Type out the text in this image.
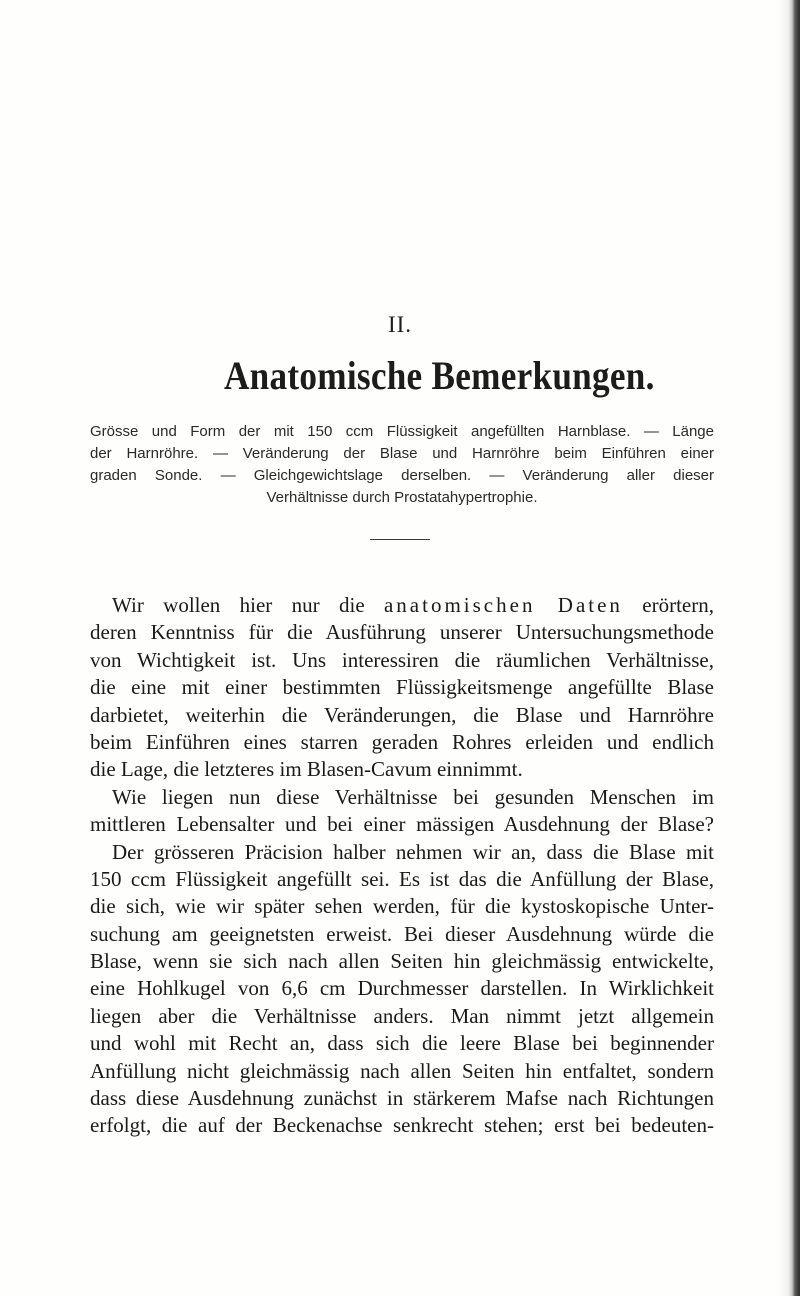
II.
Anatomische Bemerkungen.
Grösse und Form der mit 150 ccm Flüssigkeit angefüllten Harnblase. — Länge
der Harnröhre. — Veränderung der Blase und Harnröhre beim Einführen einer
graden Sonde. — Gleichgewichtslage derselben. — Veränderung aller dieser
Verhältnisse durch Prostatahypertrophie.
Wir wollen hier nur die anatomischen Daten erörtern,
deren Kenntniss für die Ausführung unserer Untersuchungsmethode
von Wichtigkeit ist. Uns interessiren die räumlichen Verhältnisse,
die eine mit einer bestimmten Flüssigkeitsmenge angefüllte Blase
darbietet, weiterhin die Veränderungen, die Blase und Harnröhre
beim Einführen eines starren geraden Rohres erleiden und endlich
die Lage, die letzteres im Blasen-Cavum einnimmt.
Wie liegen nun diese Verhältnisse bei gesunden Menschen im
mittleren Lebensalter und bei einer mässigen Ausdehnung der Blase?
Der grösseren Präcision halber nehmen wir an, dass die Blase mit
150 ccm Flüssigkeit angefüllt sei. Es ist das die Anfüllung der Blase,
die sich, wie wir später sehen werden, für die kystoskopische Unter-
suchung am geeignetsten erweist. Bei dieser Ausdehnung würde die
Blase, wenn sie sich nach allen Seiten hin gleichmässig entwickelte,
eine Hohlkugel von 6,6 cm Durchmesser darstellen. In Wirklichkeit
liegen aber die Verhältnisse anders. Man nimmt jetzt allgemein
und wohl mit Recht an, dass sich die leere Blase bei beginnender
Anfüllung nicht gleichmässig nach allen Seiten hin entfaltet, sondern
dass diese Ausdehnung zunächst in stärkerem Mafse nach Richtungen
erfolgt, die auf der Beckenachse senkrecht stehen; erst bei bedeuten-
